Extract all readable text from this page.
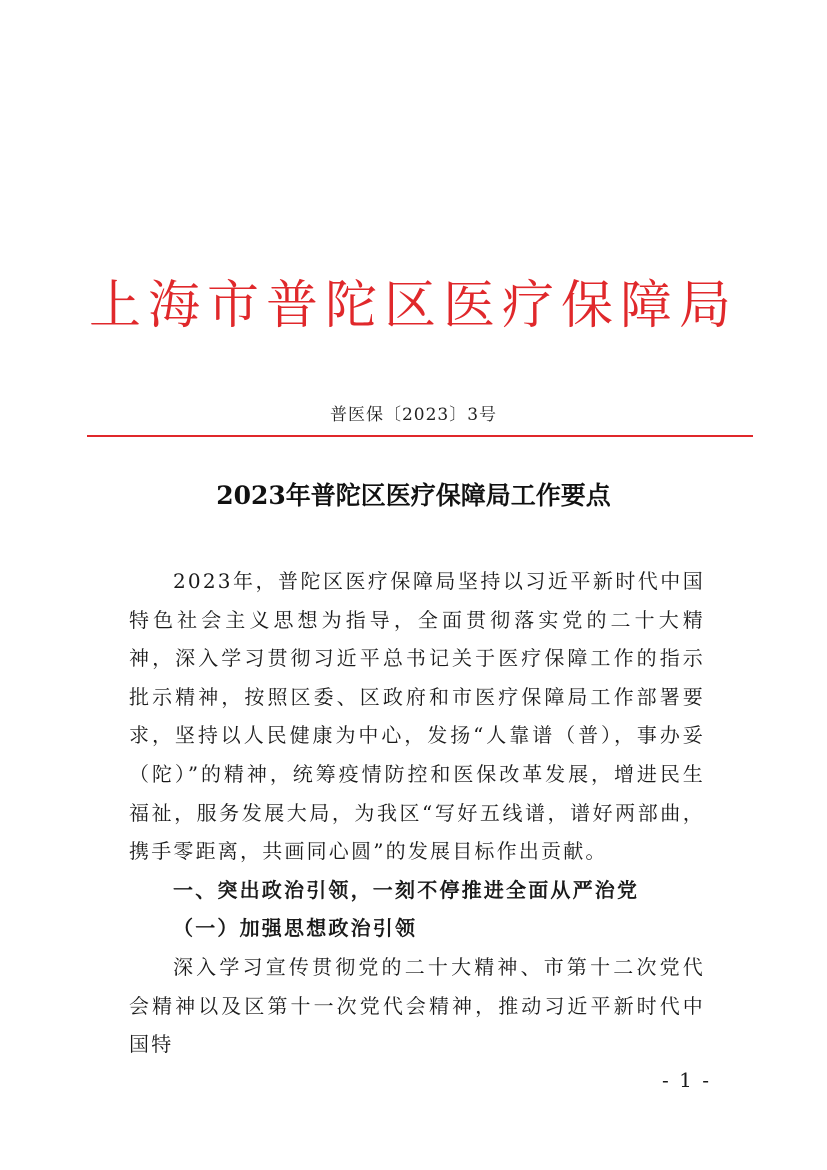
上海市普陀区医疗保障局
普医保〔2023〕3号
2023年普陀区医疗保障局工作要点

2023年，普陀区医疗保障局坚持以习近平新时代中国特色社会主义思想为指导，全面贯彻落实党的二十大精神，深入学习贯彻习近平总书记关于医疗保障工作的指示批示精神，按照区委、区政府和市医疗保障局工作部署要求，坚持以人民健康为中心，发扬“人靠谱（普），事办妥（陀）”的精神，统筹疫情防控和医保改革发展，增进民生福祉，服务发展大局，为我区“写好五线谱，谱好两部曲，携手零距离，共画同心圆”的发展目标作出贡献。

一、突出政治引领，一刻不停推进全面从严治党

（一）加强思想政治引领

深入学习宣传贯彻党的二十大精神、市第十二次党代会精神以及区第十一次党代会精神，推动习近平新时代中国特

- 1 -
